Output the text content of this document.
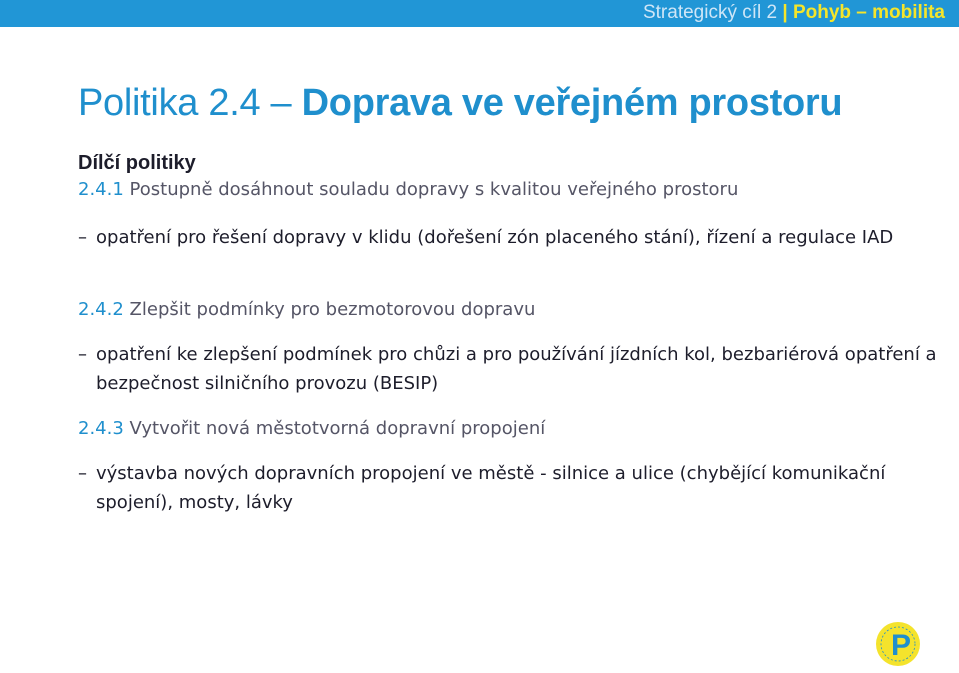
Strategický cíl 2 | Pohyb – mobilita
Politika 2.4 – Doprava ve veřejném prostoru
Dílčí politiky
2.4.1 Postupně dosáhnout souladu dopravy s kvalitou veřejného prostoru
– opatření pro řešení dopravy v klidu (dořešení zón placeného stání), řízení a regulace IAD
2.4.2 Zlepšit podmínky pro bezmotorovou dopravu
– opatření ke zlepšení podmínek pro chůzi a pro používání jízdních kol, bezbariérová opatření a bezpečnost silničního provozu (BESIP)
2.4.3 Vytvořit nová městotvorná dopravní propojení
– výstavba nových dopravních propojení ve městě - silnice a ulice (chybějící komunikační spojení), mosty, lávky
P
